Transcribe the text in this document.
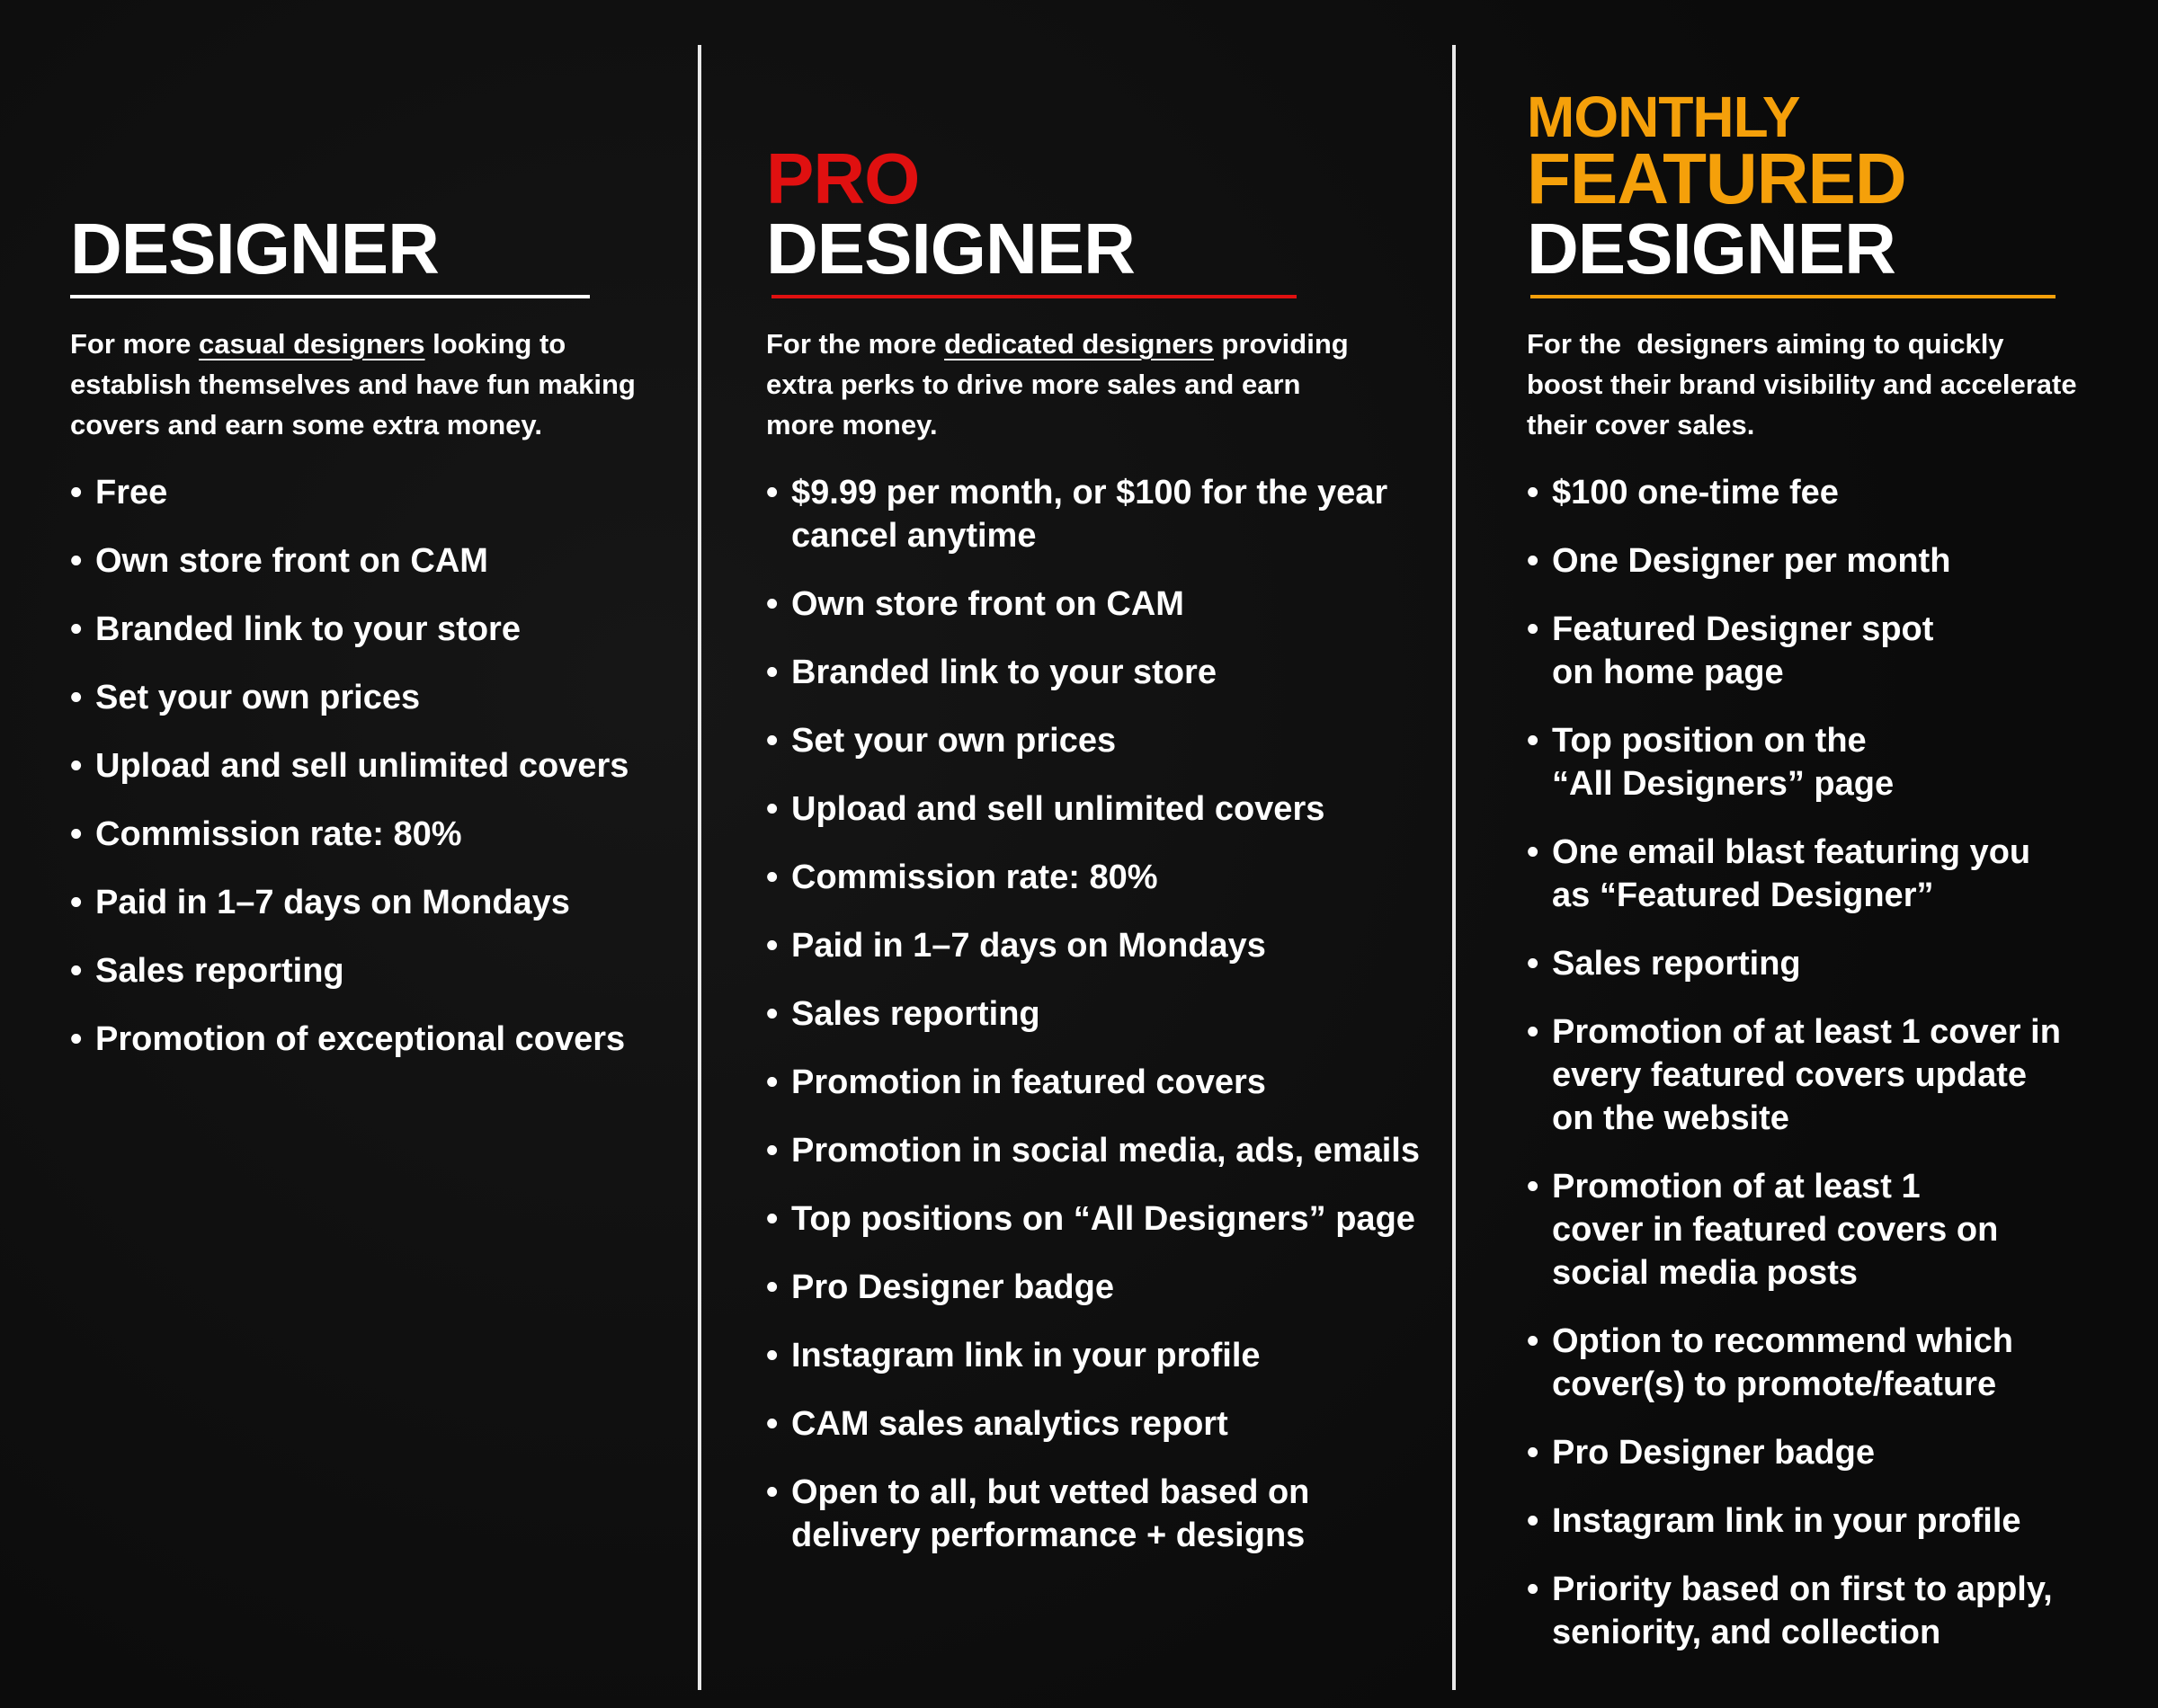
DESIGNER
For more casual designers looking to
establish themselves and have fun making
covers and earn some extra money.
• Free
• Own store front on CAM
• Branded link to your store
• Set your own prices
• Upload and sell unlimited covers
• Commission rate: 80%
• Paid in 1–7 days on Mondays
• Sales reporting
• Promotion of exceptional covers
PRO
DESIGNER
For the more dedicated designers providing
extra perks to drive more sales and earn
more money.
• $9.99 per month, or $100 for the year
cancel anytime
• Own store front on CAM
• Branded link to your store
• Set your own prices
• Upload and sell unlimited covers
• Commission rate: 80%
• Paid in 1–7 days on Mondays
• Sales reporting
• Promotion in featured covers
• Promotion in social media, ads, emails
• Top positions on “All Designers” page
• Pro Designer badge
• Instagram link in your profile
• CAM sales analytics report
• Open to all, but vetted based on
delivery performance + designs
MONTHLY
FEATURED
DESIGNER
For the  designers aiming to quickly
boost their brand visibility and accelerate
their cover sales.
• $100 one-time fee
• One Designer per month
• Featured Designer spot
on home page
• Top position on the
“All Designers” page
• One email blast featuring you
as “Featured Designer”
• Sales reporting
• Promotion of at least 1 cover in
every featured covers update
on the website
• Promotion of at least 1
cover in featured covers on
social media posts
• Option to recommend which
cover(s) to promote/feature
• Pro Designer badge
• Instagram link in your profile
• Priority based on first to apply,
seniority, and collection
